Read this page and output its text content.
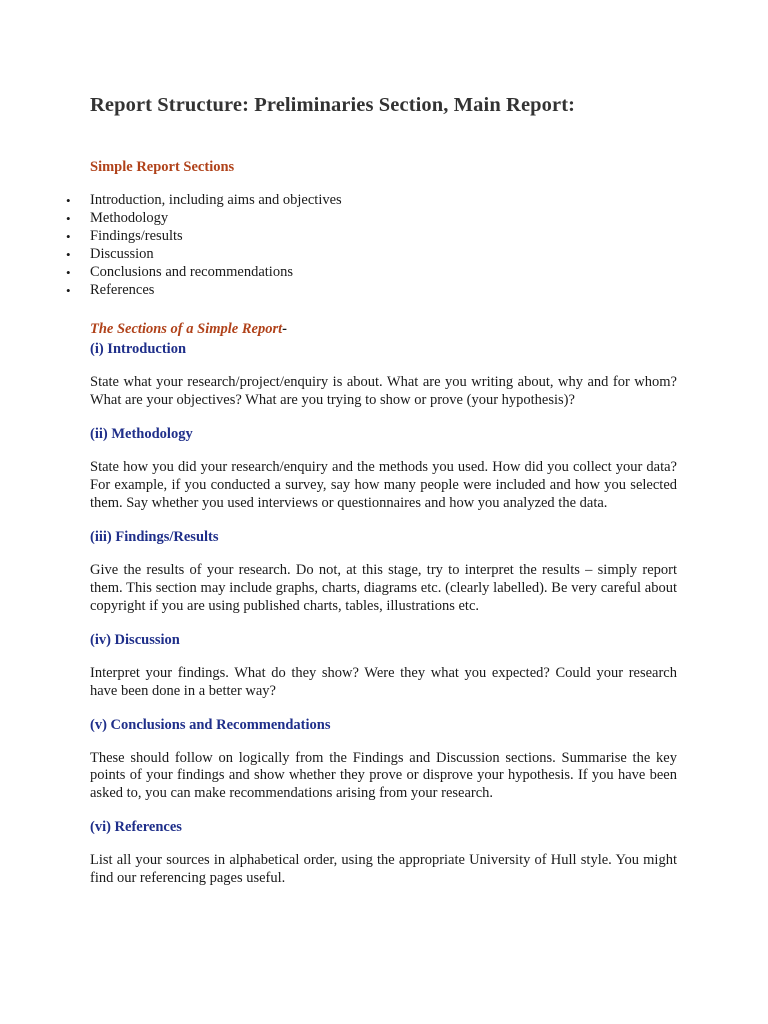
Report Structure: Preliminaries Section, Main Report:
Simple Report Sections
• Introduction, including aims and objectives
• Methodology
• Findings/results
• Discussion
• Conclusions and recommendations
• References
The Sections of a Simple Report-
(i) Introduction

State what your research/project/enquiry is about. What are you writing about, why and for whom? What are your objectives? What are you trying to show or prove (your hypothesis)?

(ii) Methodology

State how you did your research/enquiry and the methods you used. How did you collect your data? For example, if you conducted a survey, say how many people were included and how you selected them. Say whether you used interviews or questionnaires and how you analyzed the data.

(iii) Findings/Results

Give the results of your research. Do not, at this stage, try to interpret the results – simply report them. This section may include graphs, charts, diagrams etc. (clearly labelled). Be very careful about copyright if you are using published charts, tables, illustrations etc.

(iv) Discussion

Interpret your findings. What do they show? Were they what you expected? Could your research have been done in a better way?

(v) Conclusions and Recommendations

These should follow on logically from the Findings and Discussion sections. Summarise the key points of your findings and show whether they prove or disprove your hypothesis. If you have been asked to, you can make recommendations arising from your research.

(vi) References

List all your sources in alphabetical order, using the appropriate University of Hull style. You might find our referencing pages useful.
